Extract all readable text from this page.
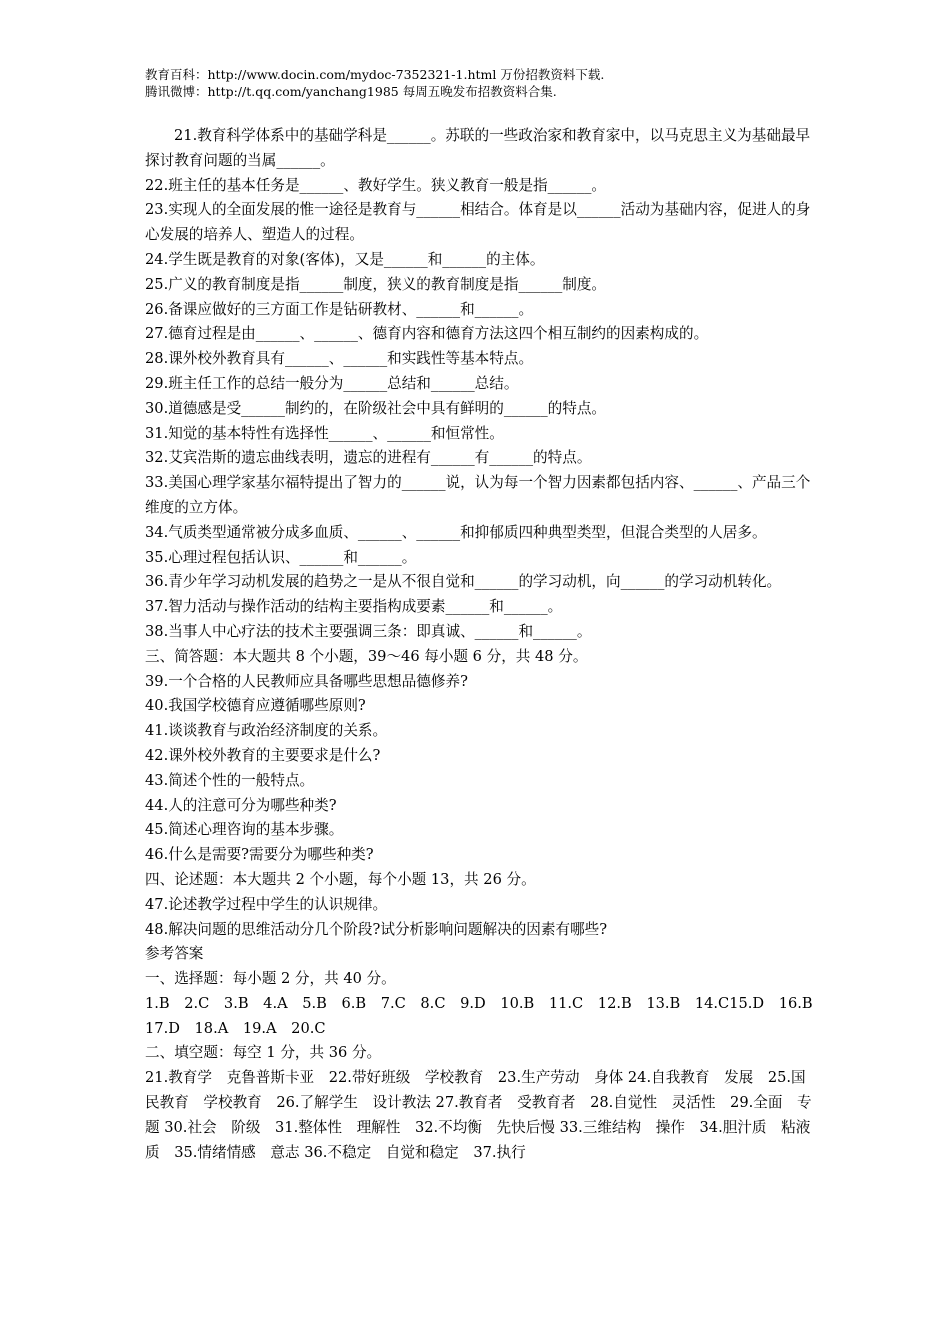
教育百科：http://www.docin.com/mydoc-7352321-1.html 万份招教资料下载.
腾讯微博：http://t.qq.com/yanchang1985 每周五晚发布招教资料合集.

21.教育科学体系中的基础学科是______。苏联的一些政治家和教育家中，以马克思主义为基础最早探讨教育问题的当属______。

22.班主任的基本任务是______、教好学生。狭义教育一般是指______。

23.实现人的全面发展的惟一途径是教育与______相结合。体育是以______活动为基础内容，促进人的身心发展的培养人、塑造人的过程。

24.学生既是教育的对象(客体)，又是______和______的主体。

25.广义的教育制度是指______制度，狭义的教育制度是指______制度。

26.备课应做好的三方面工作是钻研教材、______和______。

27.德育过程是由______、______、德育内容和德育方法这四个相互制约的因素构成的。

28.课外校外教育具有______、______和实践性等基本特点。

29.班主任工作的总结一般分为______总结和______总结。

30.道德感是受______制约的，在阶级社会中具有鲜明的______的特点。

31.知觉的基本特性有选择性______、______和恒常性。

32.艾宾浩斯的遗忘曲线表明，遗忘的进程有______有______的特点。

33.美国心理学家基尔福特提出了智力的______说，认为每一个智力因素都包括内容、______、产品三个维度的立方体。

34.气质类型通常被分成多血质、______、______和抑郁质四种典型类型，但混合类型的人居多。

35.心理过程包括认识、______和______。

36.青少年学习动机发展的趋势之一是从不很自觉和______的学习动机，向______的学习动机转化。

37.智力活动与操作活动的结构主要指构成要素______和______。

38.当事人中心疗法的技术主要强调三条：即真诚、______和______。

三、简答题：本大题共 8 个小题，39～46 每小题 6 分，共 48 分。

39.一个合格的人民教师应具备哪些思想品德修养?

40.我国学校德育应遵循哪些原则?

41.谈谈教育与政治经济制度的关系。

42.课外校外教育的主要要求是什么?

43.简述个性的一般特点。

44.人的注意可分为哪些种类?

45.简述心理咨询的基本步骤。

46.什么是需要?需要分为哪些种类?

四、论述题：本大题共 2 个小题，每个小题 13，共 26 分。

47.论述教学过程中学生的认识规律。

48.解决问题的思维活动分几个阶段?试分析影响问题解决的因素有哪些?

参考答案

一、选择题：每小题 2 分，共 40 分。

1.B　2.C　3.B　4.A　5.B　6.B　7.C　8.C　9.D　10.B　11.C　12.B　13.B　14.C15.D　16.B　17.D　18.A　19.A　20.C

二、填空题：每空 1 分，共 36 分。

21.教育学　克鲁普斯卡亚　22.带好班级　学校教育　23.生产劳动　身体 24.自我教育　发展　25.国民教育　学校教育　26.了解学生　设计教法 27.教育者　受教育者　28.自觉性　灵活性　29.全面　专题 30.社会　阶级　31.整体性　理解性　32.不均衡　先快后慢 33.三维结构　操作　34.胆汁质　粘液质　35.情绪情感　意志 36.不稳定　自觉和稳定　37.执行
